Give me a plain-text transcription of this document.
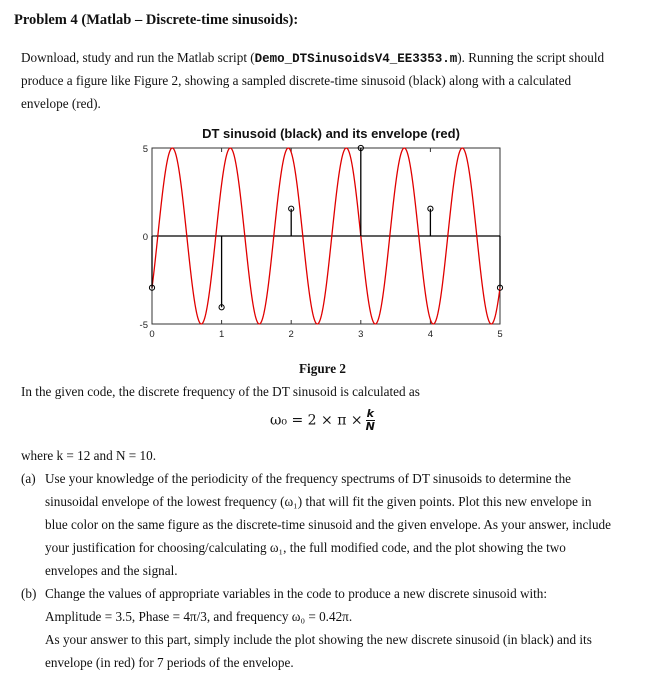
Problem 4 (Matlab – Discrete-time sinusoids):
Download, study and run the Matlab script (Demo_DTSinusoidsV4_EE3353.m). Running the script should
produce a figure like Figure 2, showing a sampled discrete-time sinusoid (black) along with a calculated
envelope (red).
DT sinusoid (black) and its envelope (red)
-5
0
5
0	1	2	3	4	5
Figure 2
In the given code, the discrete frequency of the DT sinusoid is calculated as
$\omega_0 = 2 \times \pi \times \frac{k}{N}$
where k = 12 and N = 10.
(a) Use your knowledge of the periodicity of the frequency spectrums of DT sinusoids to determine the
sinusoidal envelope of the lowest frequency (ω₁) that will fit the given points. Plot this new envelope in
blue color on the same figure as the discrete-time sinusoid and the given envelope. As your answer, include
your justification for choosing/calculating ω₁, the full modified code, and the plot showing the two
envelopes and the signal.
(b) Change the values of appropriate variables in the code to produce a new discrete sinusoid with:
Amplitude = 3.5, Phase = 4π/3, and frequency ω₀ = 0.42π.
As your answer to this part, simply include the plot showing the new discrete sinusoid (in black) and its
envelope (in red) for 7 periods of the envelope.
